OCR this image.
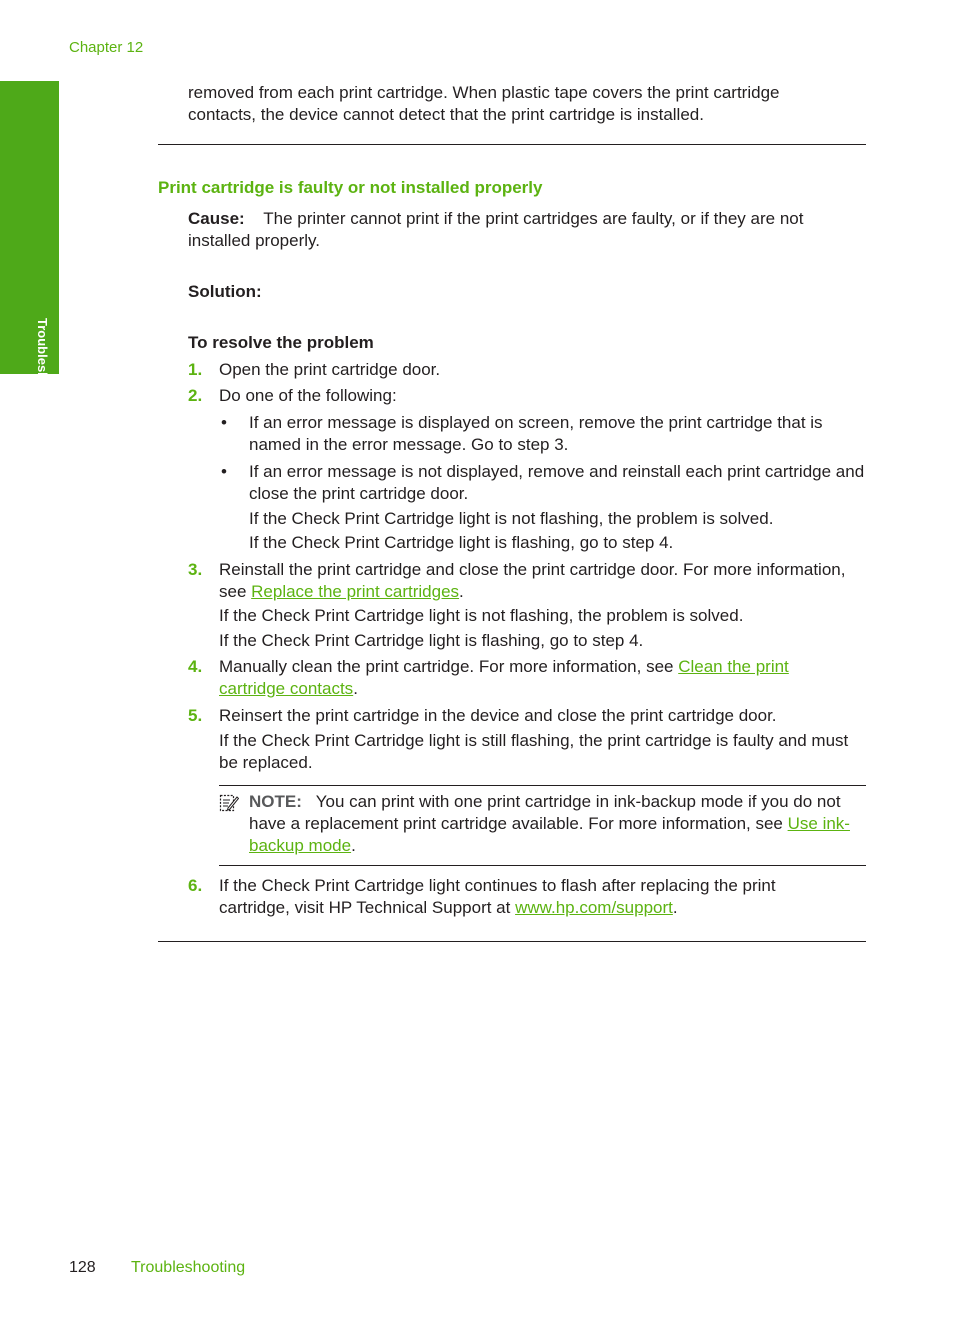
Chapter 12
Troubleshooting
removed from each print cartridge. When plastic tape covers the print cartridge
contacts, the device cannot detect that the print cartridge is installed.
Print cartridge is faulty or not installed properly
Cause: The printer cannot print if the print cartridges are faulty, or if they are not installed properly.
Solution:
To resolve the problem
1. Open the print cartridge door.
2. Do one of the following:
• If an error message is displayed on screen, remove the print cartridge that is named in the error message. Go to step 3.
• If an error message is not displayed, remove and reinstall each print cartridge and close the print cartridge door.
If the Check Print Cartridge light is not flashing, the problem is solved.
If the Check Print Cartridge light is flashing, go to step 4.
3. Reinstall the print cartridge and close the print cartridge door. For more information, see Replace the print cartridges.
If the Check Print Cartridge light is not flashing, the problem is solved.
If the Check Print Cartridge light is flashing, go to step 4.
4. Manually clean the print cartridge. For more information, see Clean the print cartridge contacts.
5. Reinsert the print cartridge in the device and close the print cartridge door.
If the Check Print Cartridge light is still flashing, the print cartridge is faulty and must be replaced.
NOTE: You can print with one print cartridge in ink-backup mode if you do not have a replacement print cartridge available. For more information, see Use ink-backup mode.
6. If the Check Print Cartridge light continues to flash after replacing the print cartridge, visit HP Technical Support at www.hp.com/support.
128 Troubleshooting
